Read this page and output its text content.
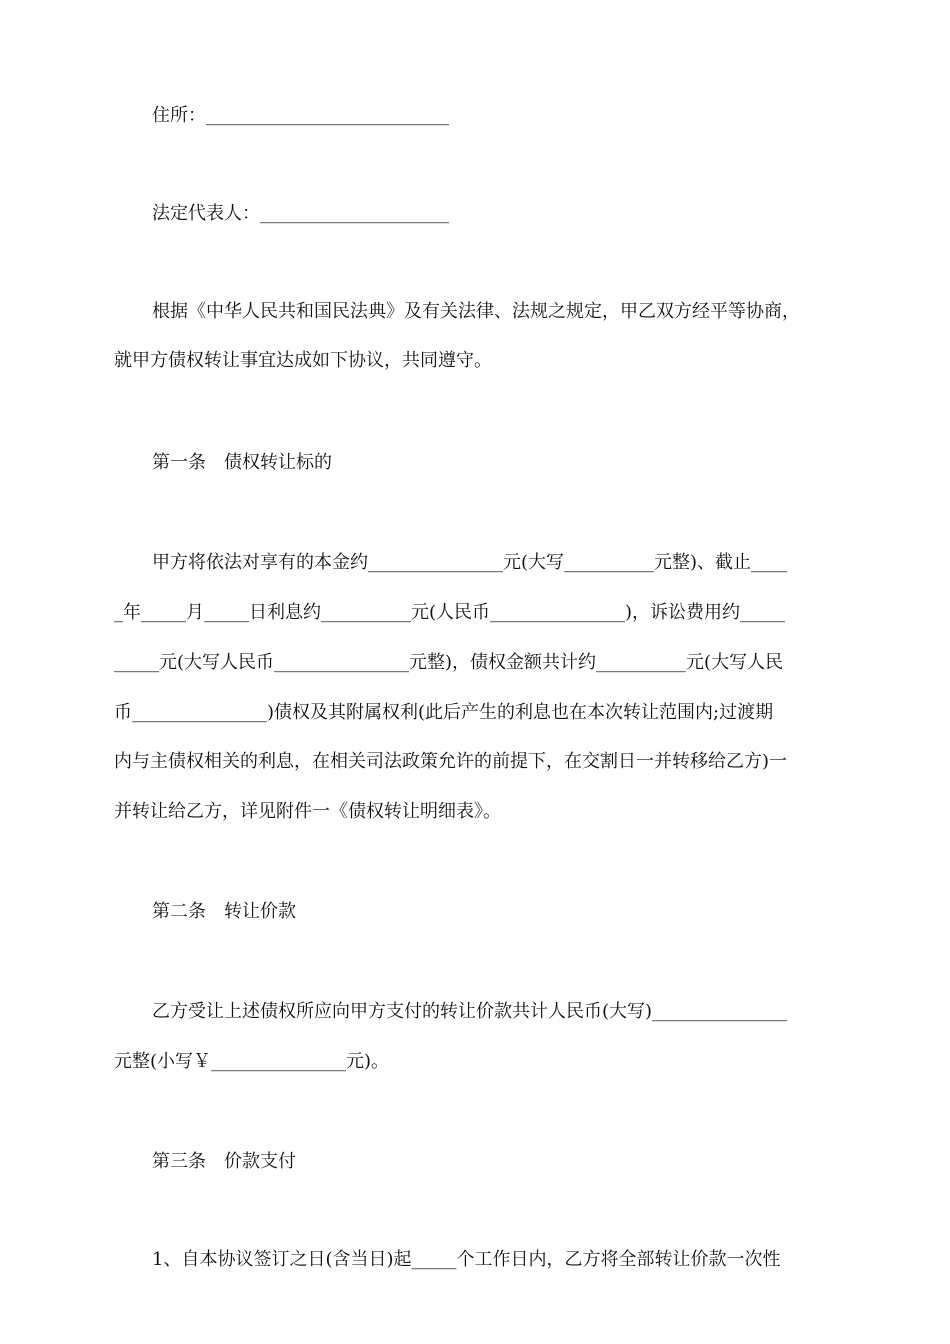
住所：___________________________
法定代表人：_____________________
根据《中华人民共和国民法典》及有关法律、法规之规定，甲乙双方经平等协商，
就甲方债权转让事宜达成如下协议，共同遵守。
第一条　债权转让标的
甲方将依法对享有的本金约_______________元(大写__________元整)、截止____
_年_____月_____日利息约__________元(人民币_______________)，诉讼费用约_____
_____元(大写人民币_______________元整)，债权金额共计约__________元(大写人民
币_______________)债权及其附属权利(此后产生的利息也在本次转让范围内;过渡期
内与主债权相关的利息，在相关司法政策允许的前提下，在交割日一并转移给乙方)一
并转让给乙方，详见附件一《债权转让明细表》。
第二条　转让价款
乙方受让上述债权所应向甲方支付的转让价款共计人民币(大写)_______________
元整(小写￥_______________元)。
第三条　价款支付
1、自本协议签订之日(含当日)起_____个工作日内，乙方将全部转让价款一次性
